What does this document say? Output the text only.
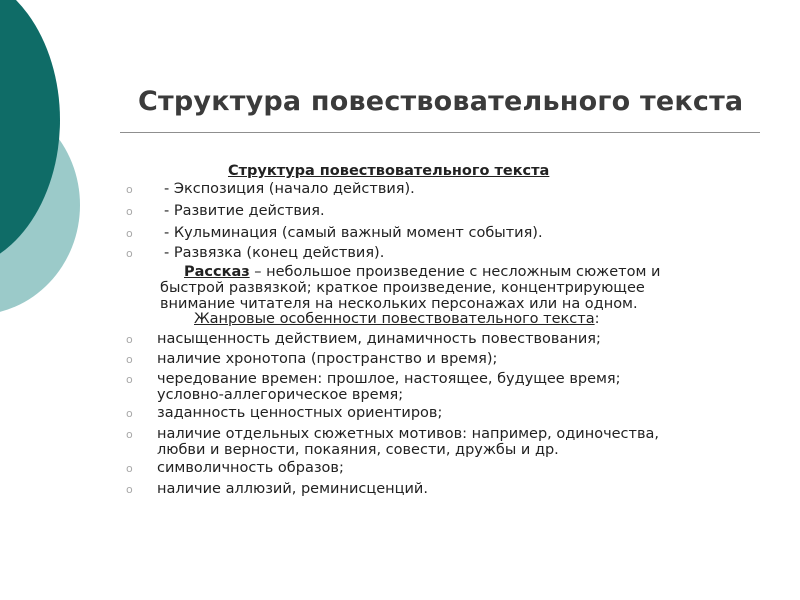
Структура повествовательного текста
Структура повествовательного текста
o - Экспозиция (начало действия).
o - Развитие действия.
o - Кульминация (самый важный момент события).
o - Развязка (конец действия).
Рассказ – небольшое произведение с несложным сюжетом и
быстрой развязкой; краткое произведение, концентрирующее
внимание читателя на нескольких персонажах или на одном.
Жанровые особенности повествовательного текста:
o насыщенность действием, динамичность повествования;
o наличие хронотопа (пространство и время);
o чередование времен: прошлое, настоящее, будущее время;
условно-аллегорическое время;
o заданность ценностных ориентиров;
o наличие отдельных сюжетных мотивов: например, одиночества,
любви и верности, покаяния, совести, дружбы и др.
o символичность образов;
o наличие аллюзий, реминисценций.
